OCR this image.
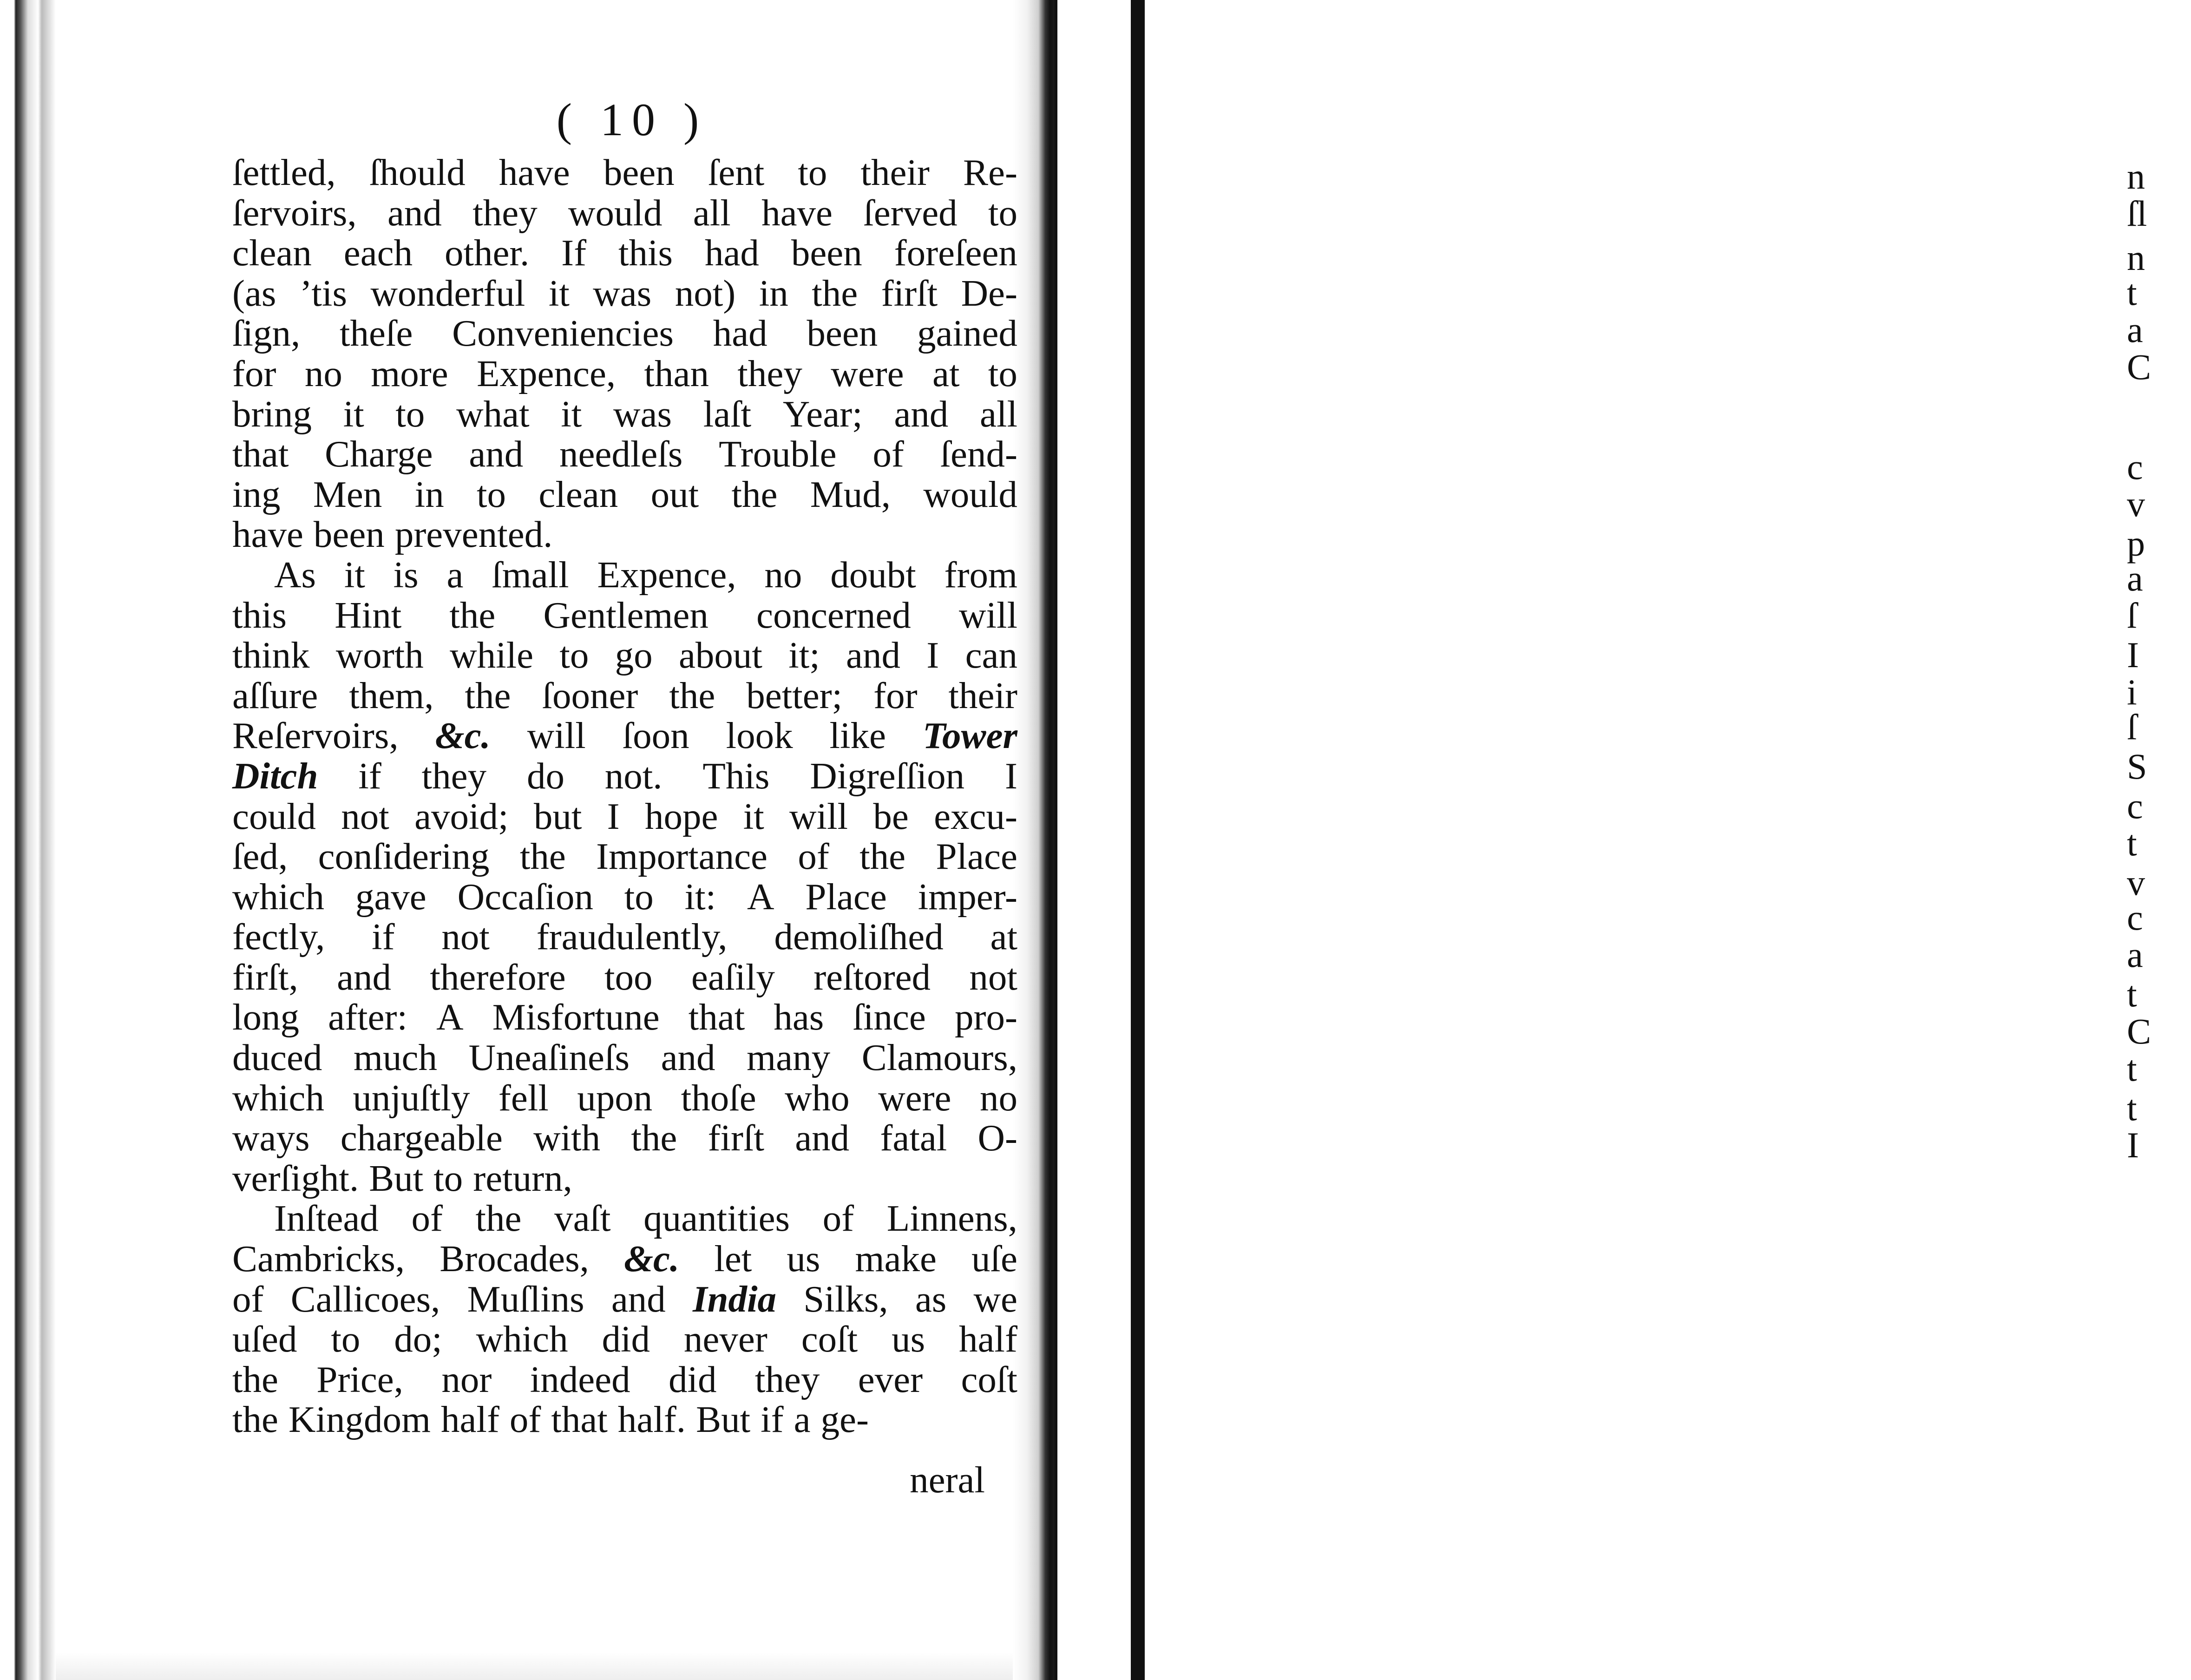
n
ſl
n
t
a
C
c
v
p
a
ſ
I
i
ſ
S
c
t
v
c
a
t
C
t
t
I
( 10 )
ſettled, ſhould have been ſent to their Re-
ſervoirs, and they would all have ſerved to
clean each other. If this had been foreſeen
(as ’tis wonderful it was not) in the firſt De-
ſign, theſe Conveniencies had been gained
for no more Expence, than they were at to
bring it to what it was laſt Year; and all
that Charge and needleſs Trouble of ſend-
ing Men in to clean out the Mud, would
have been prevented.
As it is a ſmall Expence, no doubt from
this Hint the Gentlemen concerned will
think worth while to go about it; and I can
aſſure them, the ſooner the better; for their
Reſervoirs, &c. will ſoon look like Tower
Ditch if they do not. This Digreſſion I
could not avoid; but I hope it will be excu-
ſed, conſidering the Importance of the Place
which gave Occaſion to it: A Place imper-
fectly, if not fraudulently, demoliſhed at
firſt, and therefore too eaſily reſtored not
long after: A Misfortune that has ſince pro-
duced much Uneaſineſs and many Clamours,
which unjuſtly fell upon thoſe who were no
ways chargeable with the firſt and fatal O-
verſight. But to return,
Inſtead of the vaſt quantities of Linnens,
Cambricks, Brocades, &c. let us make uſe
of Callicoes, Muſlins and India Silks, as we
uſed to do; which did never coſt us half
the Price, nor indeed did they ever coſt
the Kingdom half of that half. But if a ge-
neral
